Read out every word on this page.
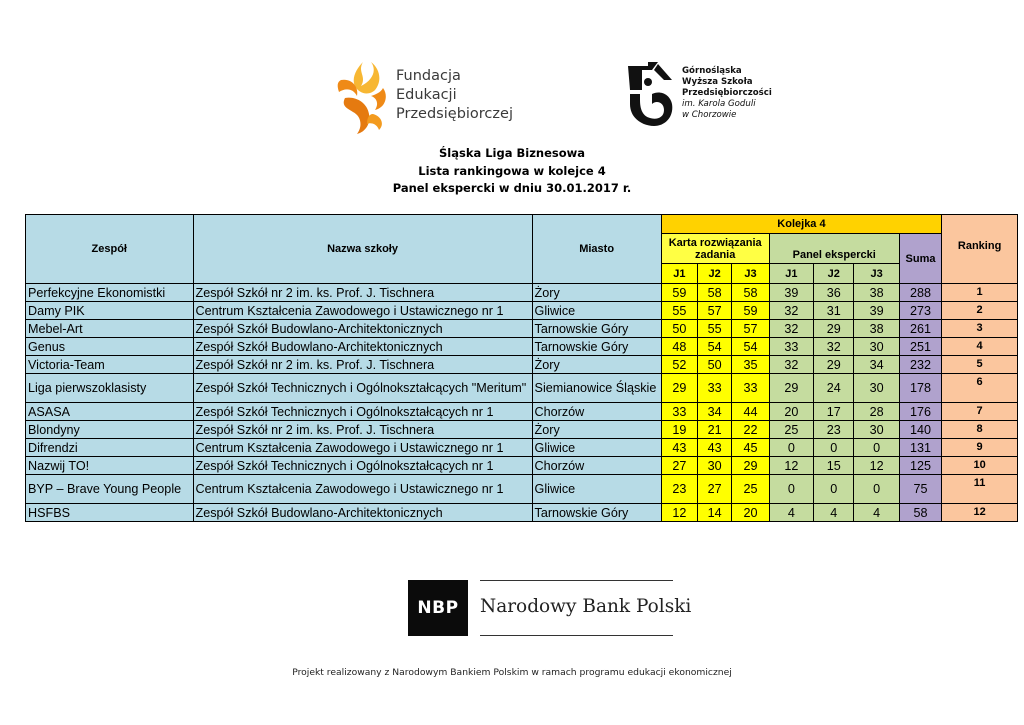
Fundacja
Edukacji
Przedsiębiorczej
Górnośląska
Wyższa Szkoła
Przedsiębiorczości
im. Karola Goduli
w Chorzowie
Śląska Liga Biznesowa
Lista rankingowa w kolejce 4
Panel ekspercki w dniu 30.01.2017 r.
Zespół	Nazwa szkoły	Miasto	Kolejka 4							Ranking
			Karta rozwiązania zadania			Panel ekspercki			Suma	
			J1	J2	J3	J1	J2	J3		
Perfekcyjne Ekonomistki	Zespół Szkół nr 2 im. ks. Prof. J. Tischnera	Żory	59	58	58	39	36	38	288	1
Damy PIK	Centrum Kształcenia Zawodowego i Ustawicznego nr 1	Gliwice	55	57	59	32	31	39	273	2
Mebel-Art	Zespół Szkół Budowlano-Architektonicznych	Tarnowskie Góry	50	55	57	32	29	38	261	3
Genus	Zespół Szkół Budowlano-Architektonicznych	Tarnowskie Góry	48	54	54	33	32	30	251	4
Victoria-Team	Zespół Szkół nr 2 im. ks. Prof. J. Tischnera	Żory	52	50	35	32	29	34	232	5
Liga pierwszoklasisty	Zespół Szkół Technicznych i Ogólnokształcących "Meritum"	Siemianowice Śląskie	29	33	33	29	24	30	178	6
ASASA	Zespół Szkół Technicznych i Ogólnokształcących nr 1	Chorzów	33	34	44	20	17	28	176	7
Blondyny	Zespół Szkół nr 2 im. ks. Prof. J. Tischnera	Żory	19	21	22	25	23	30	140	8
Difrendzi	Centrum Kształcenia Zawodowego i Ustawicznego nr 1	Gliwice	43	43	45	0	0	0	131	9
Nazwij TO!	Zespół Szkół Technicznych i Ogólnokształcących nr 1	Chorzów	27	30	29	12	15	12	125	10
BYP – Brave Young People	Centrum Kształcenia Zawodowego i Ustawicznego nr 1	Gliwice	23	27	25	0	0	0	75	11
HSFBS	Zespół Szkół Budowlano-Architektonicznych	Tarnowskie Góry	12	14	20	4	4	4	58	12
NBP	Narodowy Bank Polski
Projekt realizowany z Narodowym Bankiem Polskim w ramach programu edukacji ekonomicznej
